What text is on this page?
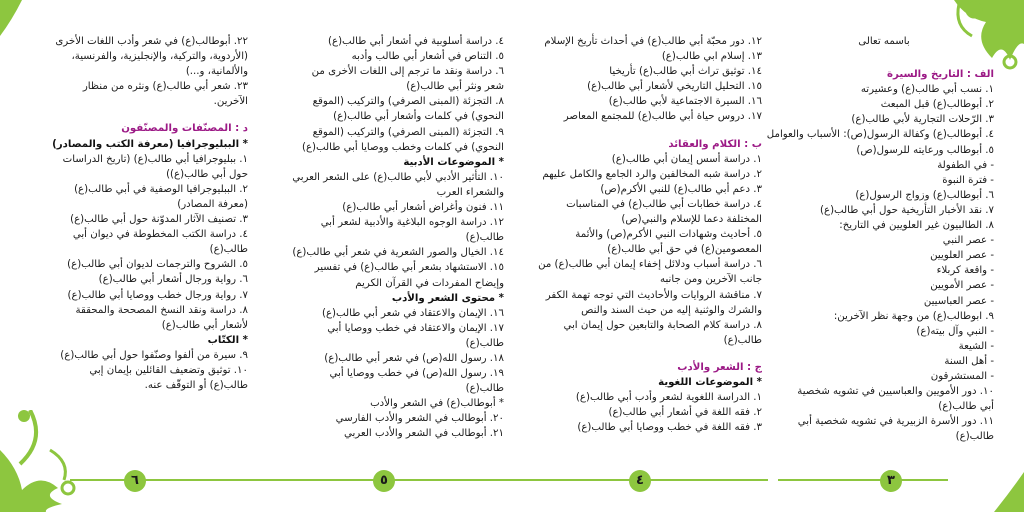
باسمه تعالى
الف : التاريخ والسيرة
١. نسب أبي طالب(ع) وعشيرته
٢. أبوطالب(ع) قبل المبعث
٣. الرّحلات التجارية لأبي طالب(ع)
٤. أبوطالب(ع) وكفالة الرسول(ص): الأسباب والعوامل
٥. أبوطالب ورعايته للرسول(ص)
- في الطفولة
- فترة النبوة
٦. أبوطالب(ع) وزواج الرسول(ع)
٧. نقد الأخبار التأريخية حول أبي طالب(ع)
٨. الطالبيون غير العلويين في التاريخ:
- عصر النبي
- عصر العلويين
- واقعة كربلاء
- عصر الأمويين
- عصر العباسيين
٩. ابوطالب(ع) من وجهة نظر الآخرين:
- النبي وآل بيته(ع)
- الشيعة
- أهل السنة
- المستشرقون
١٠. دور الأمويين والعباسيين في تشويه شخصية
أبي طالب(ع)
١١. دور الأسرة الزبيرية في تشويه شخصية أبي
طالب(ع)
٣
١٢. دور محبّة أبي طالب(ع) في أحداث تأريخ الإسلام
١٣. إسلام ابي طالب(ع)
١٤. توثيق تراث أبي طالب(ع) تأريخيا
١٥. التحليل التاريخي لأشعار أبي طالب(ع)
١٦. السيرة الاجتماعية لأبي طالب(ع)
١٧. دروس حياة أبي طالب(ع) للمجتمع المعاصر
ب : الكلام والعقائد
١. دراسة أسس إيمان أبي طالب(ع)
٢. دراسة شبه المخالفين والرد الجامع والكامل عليهم
٣. دعم أبي طالب(ع) للنبي الأكرم(ص)
٤. دراسة خطابات أبي طالب(ع) في المناسبات
المختلفة دعما للإسلام والنبي(ص)
٥. أحاديث وشهادات النبي الأكرم(ص) والأئمة
المعصومين(ع) في حق أبي طالب(ع)
٦. دراسة أسباب ودلائل إخفاء إيمان أبي طالب(ع) من
جانب الآخرين ومن جانبه
٧. مناقشة الروايات والأحاديث التي توجه تهمة الكفر
والشرك والوثنية إليه من حيث السند والنص
٨. دراسة كلام الصحابة والتابعين حول إيمان ابي
طالب(ع)
ج : الشعر والأدب
* الموضوعات اللغوية
١. الدراسة اللغوية لشعر وأدب أبي طالب(ع)
٢. فقه اللغة في أشعار أبي طالب(ع)
٣. فقه اللغة في خطب ووصايا أبي طالب(ع)
٤
٤. دراسة أسلوبية في أشعار أبي طالب(ع)
٥. التناص في أشعار أبي طالب وأدبه
٦. دراسة ونقد ما ترجم إلى اللغات الأخرى من
شعر ونثر أبي طالب(ع)
٨. التجزئة (المبنى الصرفي) والتركيب (الموقع
النحوي) في كلمات وأشعار أبي طالب(ع)
٩. التجزئة (المبنى الصرفي) والتركيب (الموقع
النحوي) في كلمات وخطب ووصايا أبي طالب(ع)
* الموضوعات الأدبية
١٠. التأثير الأدبي لأبي طالب(ع) على الشعر العربي
والشعراء العرب
١١. فنون وأغراض أشعار أبي طالب(ع)
١٢. دراسة الوجوه البلاغية والأدبية لشعر أبي
طالب(ع)
١٤. الخيال والصور الشعرية في شعر أبي طالب(ع)
١٥. الاستشهاد بشعر أبي طالب(ع) في تفسير
وإيضاح المفردات في القرآن الكريم
* محتوى الشعر والأدب
١٦. الإيمان والاعتقاد في شعر أبي طالب(ع)
١٧. الإيمان والاعتقاد في خطب ووصايا أبي
طالب(ع)
١٨. رسول الله(ص) في شعر أبي طالب(ع)
١٩. رسول الله(ص) في خطب ووصايا أبي
طالب(ع)
* أبوطالب(ع) في الشعر والأدب
٢٠. أبوطالب في الشعر والأدب الفارسي
٢١. أبوطالب في الشعر والأدب العربي
٥
٢٢. أبوطالب(ع) في شعر وأدب اللغات الأخرى
(الأردوية، والتركية، والإنجليزية، والفرنسية،
والألمانية، و...)
٢٣. شعر أبي طالب(ع) ونثره من منظار
الآخرين.
د : المصنّفات والمصنّفون
* الببليوجرافيا (معرفة الكتب والمصادر)
١. ببليوجرافيا أبي طالب(ع) (تاريخ الدراسات
حول أبي طالب(ع))
٢. الببليوجرافيا الوصفية في أبي طالب(ع)
(معرفة المصادر)
٣. تصنيف الآثار المدوّنة حول أبي طالب(ع)
٤. دراسة الكتب المخطوطة في ديوان أبي
طالب(ع)
٥. الشروح والترجمات لديوان أبي طالب(ع)
٦. رواية ورجال أشعار أبي طالب(ع)
٧. رواية ورجال خطب ووصايا أبي طالب(ع)
٨. دراسة ونقد النسخ المصححة والمحققة
لأشعار أبي طالب(ع)
* الكتّاب
٩. سيرة من ألفوا وصنّفوا حول أبي طالب(ع)
١٠. توثيق وتضعيف القائلين بإيمان إبي
طالب(ع) أو التوقّف عنه.
٦
